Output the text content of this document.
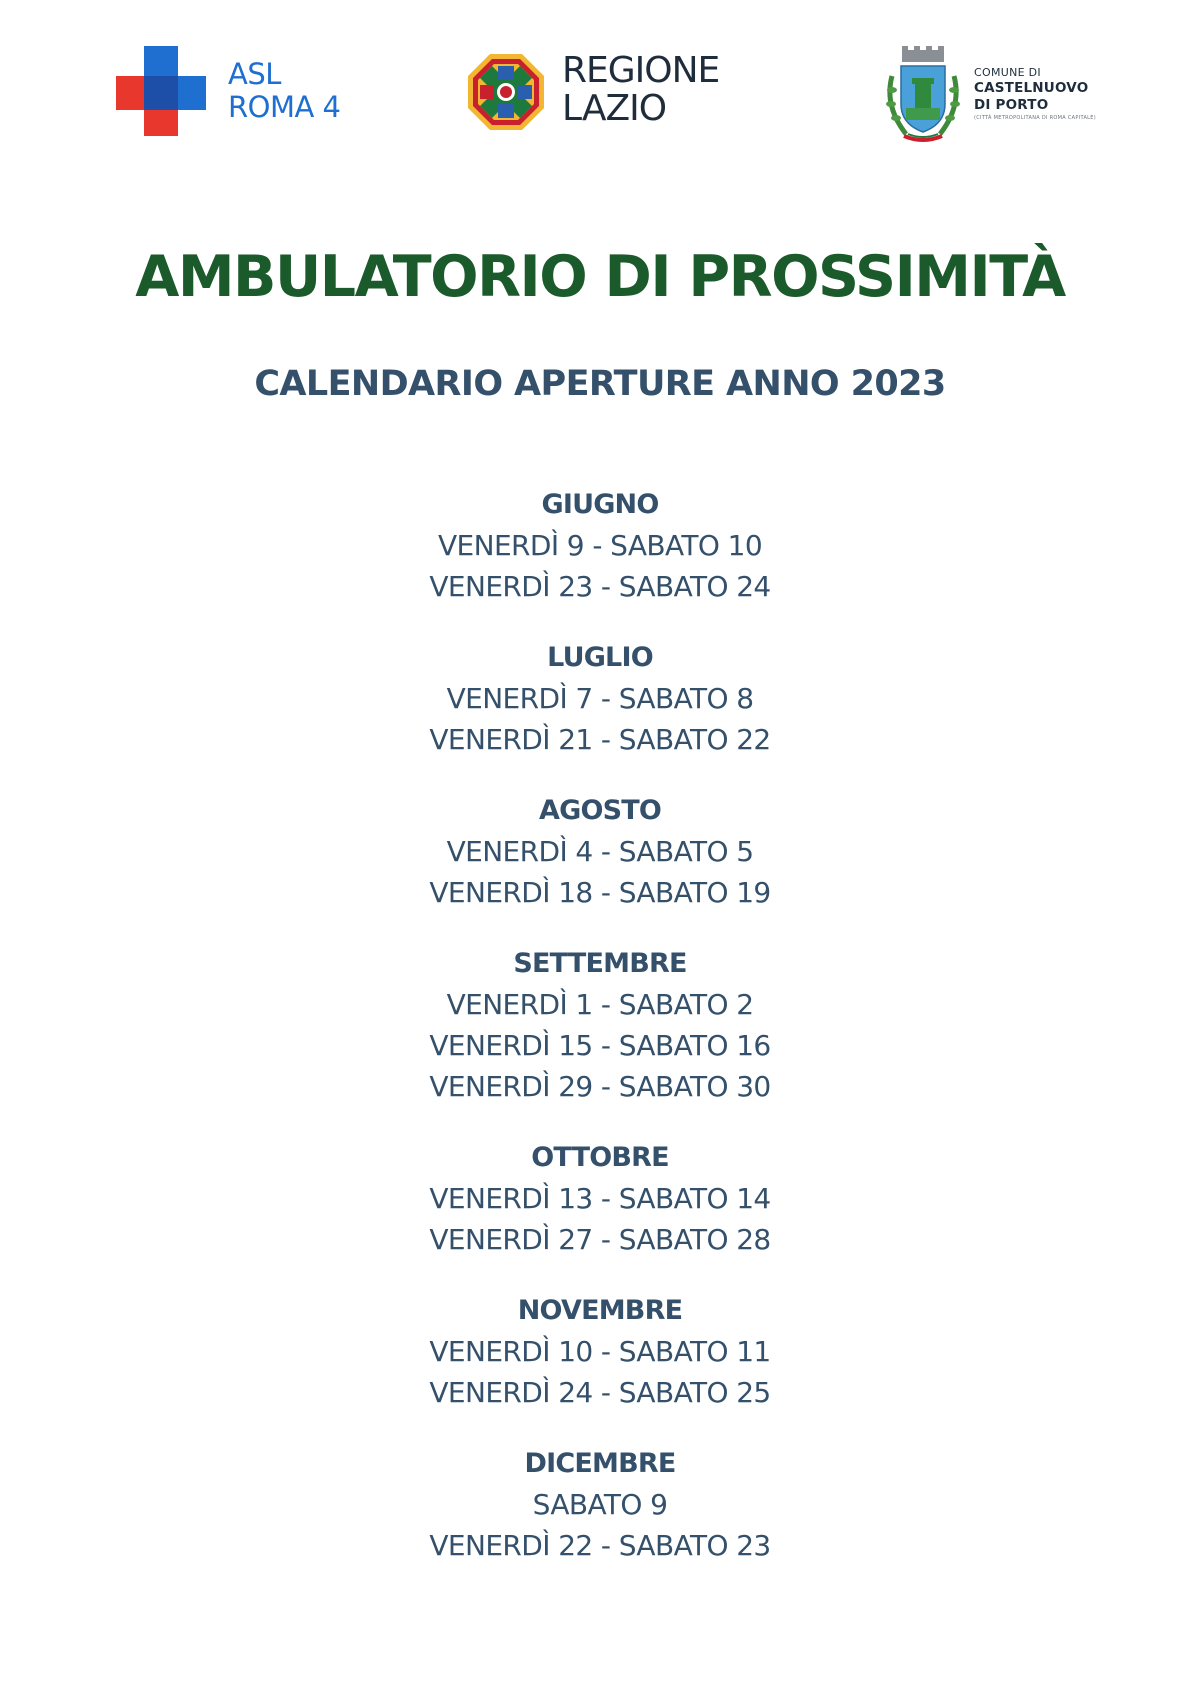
ASL
ROMA 4
REGIONE
LAZIO
COMUNE DI
CASTELNUOVO
DI PORTO
(CITTÀ METROPOLITANA DI ROMA CAPITALE)
AMBULATORIO DI PROSSIMITÀ
CALENDARIO APERTURE ANNO 2023
GIUGNO
VENERDÌ 9 - SABATO 10
VENERDÌ 23 - SABATO 24
LUGLIO
VENERDÌ 7 - SABATO 8
VENERDÌ 21 - SABATO 22
AGOSTO
VENERDÌ 4 - SABATO 5
VENERDÌ 18 - SABATO 19
SETTEMBRE
VENERDÌ 1 - SABATO 2
VENERDÌ 15 - SABATO 16
VENERDÌ 29 - SABATO 30
OTTOBRE
VENERDÌ 13 - SABATO 14
VENERDÌ 27 - SABATO 28
NOVEMBRE
VENERDÌ 10 - SABATO 11
VENERDÌ 24 - SABATO 25
DICEMBRE
SABATO 9
VENERDÌ 22 - SABATO 23
